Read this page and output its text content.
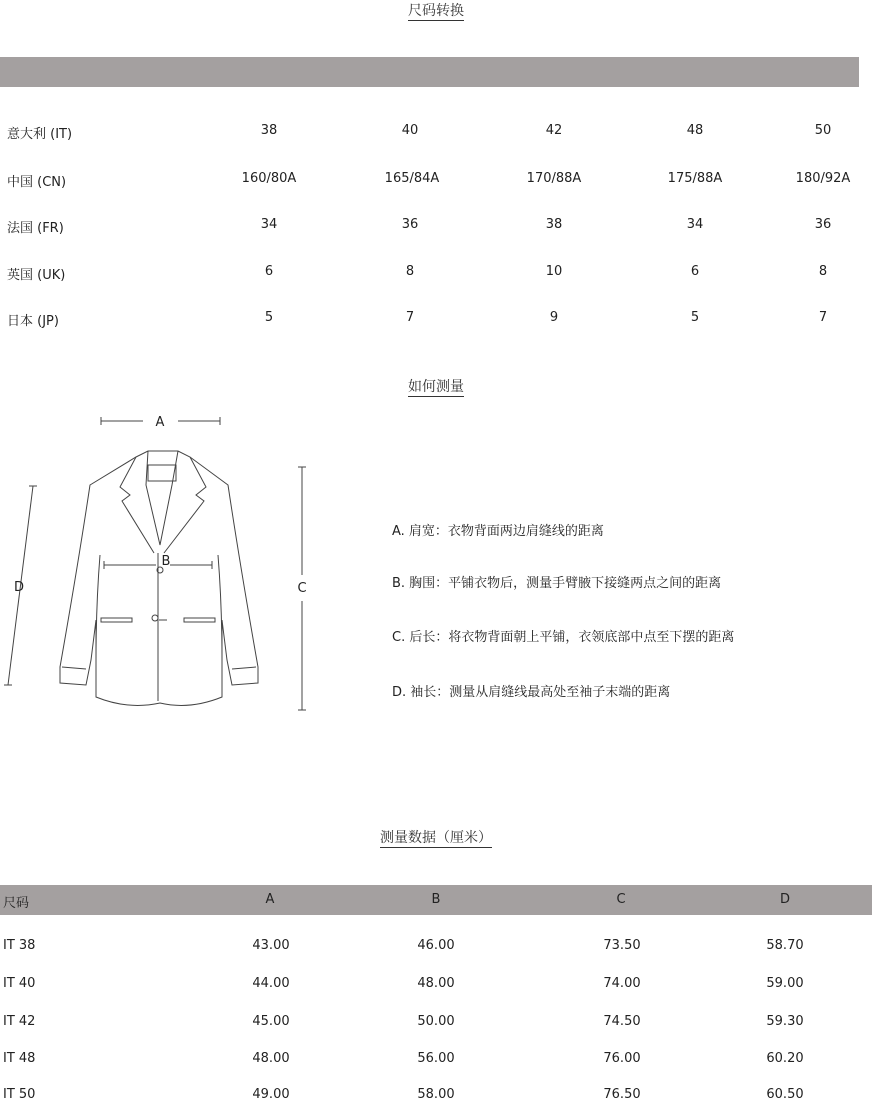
尺码转换
意大利 (IT)	38	40	42	48	50
中国 (CN)	160/80A	165/84A	170/88A	175/88A	180/92A
法国 (FR)	34	36	38	34	36
英国 (UK)	6	8	10	6	8
日本 (JP)	5	7	9	5	7
如何测量
A
B
C
D
A. 肩宽：衣物背面两边肩缝线的距离
B. 胸围：平铺衣物后，测量手臂腋下接缝两点之间的距离
C. 后长：将衣物背面朝上平铺，衣领底部中点至下摆的距离
D. 袖长：测量从肩缝线最高处至袖子末端的距离
测量数据（厘米）
尺码	A	B	C	D
IT 38	43.00	46.00	73.50	58.70
IT 40	44.00	48.00	74.00	59.00
IT 42	45.00	50.00	74.50	59.30
IT 48	48.00	56.00	76.00	60.20
IT 50	49.00	58.00	76.50	60.50
